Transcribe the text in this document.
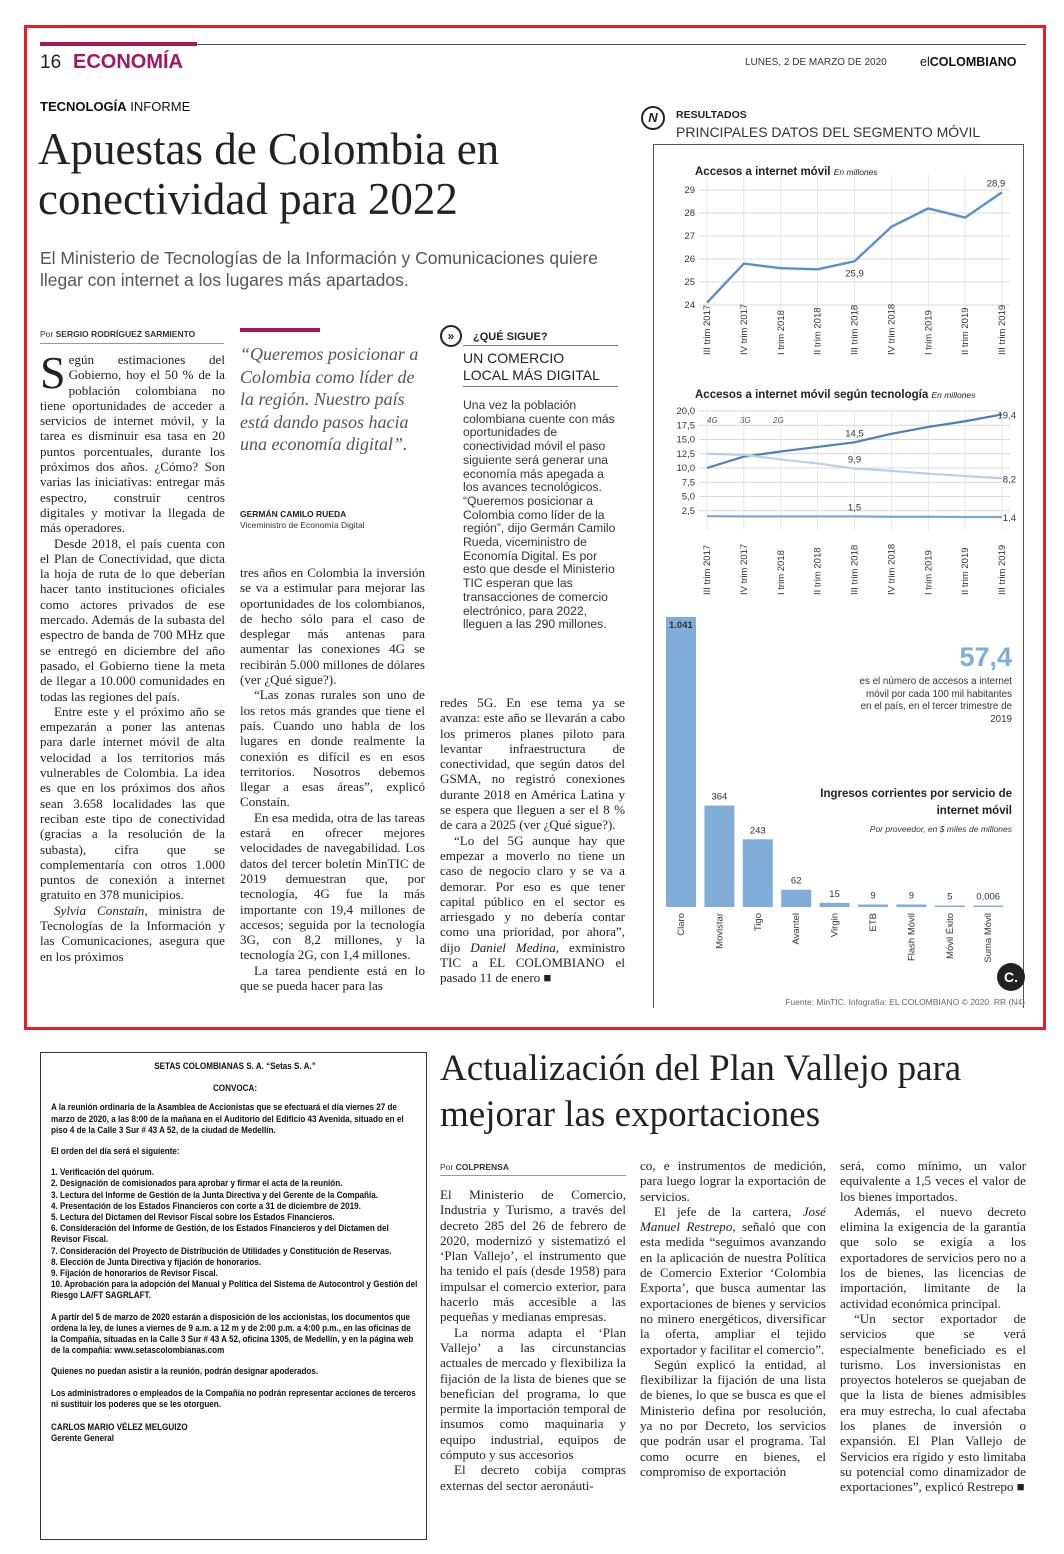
16 ECONOMÍA	LUNES, 2 DE MARZO DE 2020	elCOLOMBIANO
TECNOLOGÍA INFORME
Apuestas de Colombia en conectividad para 2022
El Ministerio de Tecnologías de la Información y Comunicaciones quiere llegar con internet a los lugares más apartados.
Por SERGIO RODRÍGUEZ SARMIENTO

Según estimaciones del Gobierno, hoy el 50 % de la población colombiana no tiene oportunidades de acceder a servicios de internet móvil, y la tarea es disminuir esa tasa en 20 puntos porcentuales, durante los próximos dos años. ¿Cómo? Son varias las iniciativas: entregar más espectro, construir centros digitales y motivar la llegada de más operadores.

Desde 2018, el país cuenta con el Plan de Conectividad, que dicta la hoja de ruta de lo que deberían hacer tanto instituciones oficiales como actores privados de ese mercado. Además de la subasta del espectro de banda de 700 MHz que se entregó en diciembre del año pasado, el Gobierno tiene la meta de llegar a 10.000 comunidades en todas las regiones del país.

Entre este y el próximo año se empezarán a poner las antenas para darle internet móvil de alta velocidad a los territorios más vulnerables de Colombia. La idea es que en los próximos dos años sean 3.658 localidades las que reciban este tipo de conectividad (gracias a la resolución de la subasta), cifra que se complementaría con otros 1.000 puntos de conexión a internet gratuito en 378 municipios.

Sylvia Constaín, ministra de Tecnologías de la Información y las Comunicaciones, asegura que en los próximos

“Queremos posicionar a Colombia como líder de la región. Nuestro país está dando pasos hacia una economía digital”.
GERMÁN CAMILO RUEDA
Viceministro de Economía Digital

tres años en Colombia la inversión se va a estimular para mejorar las oportunidades de los colombianos, de hecho sólo para el caso de desplegar más antenas para aumentar las conexiones 4G se recibirán 5.000 millones de dólares (ver ¿Qué sigue?).

“Las zonas rurales son uno de los retos más grandes que tiene el país. Cuando uno habla de los lugares en donde realmente la conexión es difícil es en esos territorios. Nosotros debemos llegar a esas áreas”, explicó Constaín.

En esa medida, otra de las tareas estará en ofrecer mejores velocidades de navegabilidad. Los datos del tercer boletín MinTIC de 2019 demuestran que, por tecnología, 4G fue la más importante con 19,4 millones de accesos; seguida por la tecnología 3G, con 8,2 millones, y la tecnología 2G, con 1,4 millones.

La tarea pendiente está en lo que se pueda hacer para las

»	¿QUÉ SIGUE?
UN COMERCIO LOCAL MÁS DIGITAL
Una vez la población colombiana cuente con más oportunidades de conectividad móvil el paso siguiente será generar una economía más apegada a los avances tecnológicos. “Queremos posicionar a Colombia como líder de la región”, dijo Germán Camilo Rueda, viceministro de Economía Digital. Es por esto que desde el Ministerio TIC esperan que las transacciones de comercio electrónico, para 2022, lleguen a las 290 millones.

redes 5G. En ese tema ya se avanza: este año se llevarán a cabo los primeros planes piloto para levantar infraestructura de conectividad, que según datos del GSMA, no registró conexiones durante 2018 en América Latina y se espera que lleguen a ser el 8 % de cara a 2025 (ver ¿Qué sigue?).

“Lo del 5G aunque hay que empezar a moverlo no tiene un caso de negocio claro y se va a demorar. Por eso es que tener capital público en el sector es arriesgado y no debería contar como una prioridad, por ahora”, dijo Daniel Medina, exministro TIC a EL COLOMBIANO el pasado 11 de enero ■

N	RESULTADOS
PRINCIPALES DATOS DEL SEGMENTO MÓVIL
24
25
26
27
28
29
III trim 2017	IV trim 2017	I trim 2018	II trim 2018	III trim 2018	IV trim 2018	I trim 2019	II trim 2019	III trim 2019
25,9
28,9
2,5
5,0
7,5
10,0
12,5
15,0
17,5
20,0
III trim 2017	IV trim 2017	I trim 2018	II trim 2018	III trim 2018	IV trim 2018	I trim 2019	II trim 2019	III trim 2019
4G	3G	2G
14,5
9,9
1,5
19,4
8,2
1,4
1.041
Claro
364
Movistar
243
Tigo
62
Avantel
15
Virgin
9
ETB
9
Flash Móvil
5
Móvil Éxito
0,006
Suma Móvil
Accesos a internet móvil En millones
Accesos a internet móvil según tecnología En millones
57,4
es el número de accesos a internet móvil por cada 100 mil habitantes en el país, en el tercer trimestre de 2019
Ingresos corrientes por servicio de internet móvil
Por proveedor, en $ miles de millones
C.
Fuente: MinTIC. Infografía: EL COLOMBIANO © 2020. RR (N4)
SETAS COLOMBIANAS S. A. “Setas S. A.”
CONVOCA:
A la reunión ordinaria de la Asamblea de Accionistas que se efectuará el día viernes 27 de marzo de 2020, a las 8:00 de la mañana en el Auditorio del Edificio 43 Avenida, situado en el piso 4 de la Calle 3 Sur # 43 A 52, de la ciudad de Medellín.
El orden del día será el siguiente:
1. Verificación del quórum.
2. Designación de comisionados para aprobar y firmar el acta de la reunión.
3. Lectura del Informe de Gestión de la Junta Directiva y del Gerente de la Compañía.
4. Presentación de los Estados Financieros con corte a 31 de diciembre de 2019.
5. Lectura del Dictamen del Revisor Fiscal sobre los Estados Financieros.
6. Consideración del Informe de Gestión, de los Estados Financieros y del Dictamen del Revisor Fiscal.
7. Consideración del Proyecto de Distribución de Utilidades y Constitución de Reservas.
8. Elección de Junta Directiva y fijación de honorarios.
9. Fijación de honorarios de Revisor Fiscal.
10. Aprobación para la adopción del Manual y Política del Sistema de Autocontrol y Gestión del Riesgo LA/FT SAGRLAFT.
A partir del 5 de marzo de 2020 estarán a disposición de los accionistas, los documentos que ordena la ley, de lunes a viernes de 9 a.m. a 12 m y de 2:00 p.m. a 4:00 p.m., en las oficinas de la Compañía, situadas en la Calle 3 Sur # 43 A 52, oficina 1305, de Medellín, y en la página web de la compañía: www.setascolombianas.com
Quienes no puedan asistir a la reunión, podrán designar apoderados.
Los administradores o empleados de la Compañía no podrán representar acciones de terceros ni sustituir los poderes que se les otorguen.
CARLOS MARIO VÉLEZ MELGUIZO
Gerente General
Actualización del Plan Vallejo para mejorar las exportaciones
Por COLPRENSA

El Ministerio de Comercio, Industria y Turismo, a través del decreto 285 del 26 de febrero de 2020, modernizó y sistematizó el ‘Plan Vallejo’, el instrumento que ha tenido el país (desde 1958) para impulsar el comercio exterior, para hacerlo más accesible a las pequeñas y medianas empresas.

La norma adapta el ‘Plan Vallejo’ a las circunstancias actuales de mercado y flexibiliza la fijación de la lista de bienes que se benefician del programa, lo que permite la importación temporal de insumos como maquinaria y equipo industrial, equipos de cómputo y sus accesorios

El decreto cobija compras externas del sector aeronáuti-

co, e instrumentos de medición, para luego lograr la exportación de servicios.

El jefe de la cartera, José Manuel Restrepo, señaló que con esta medida “seguimos avanzando en la aplicación de nuestra Política de Comercio Exterior ‘Colombia Exporta’, que busca aumentar las exportaciones de bienes y servicios no minero energéticos, diversificar la oferta, ampliar el tejido exportador y facilitar el comercio”.

Según explicó la entidad, al flexibilizar la fijación de una lista de bienes, lo que se busca es que el Ministerio defina por resolución, ya no por Decreto, los servicios que podrán usar el programa. Tal como ocurre en bienes, el compromiso de exportación

será, como mínimo, un valor equivalente a 1,5 veces el valor de los bienes importados.

Además, el nuevo decreto elimina la exigencia de la garantía que solo se exigía a los exportadores de servicios pero no a los de bienes, las licencias de importación, limitante de la actividad económica principal.

“Un sector exportador de servicios que se verá especialmente beneficiado es el turismo. Los inversionistas en proyectos hoteleros se quejaban de que la lista de bienes admisibles era muy estrecha, lo cual afectaba los planes de inversión o expansión. El Plan Vallejo de Servicios era rígido y esto limitaba su potencial como dinamizador de exportaciones”, explicó Restrepo ■
